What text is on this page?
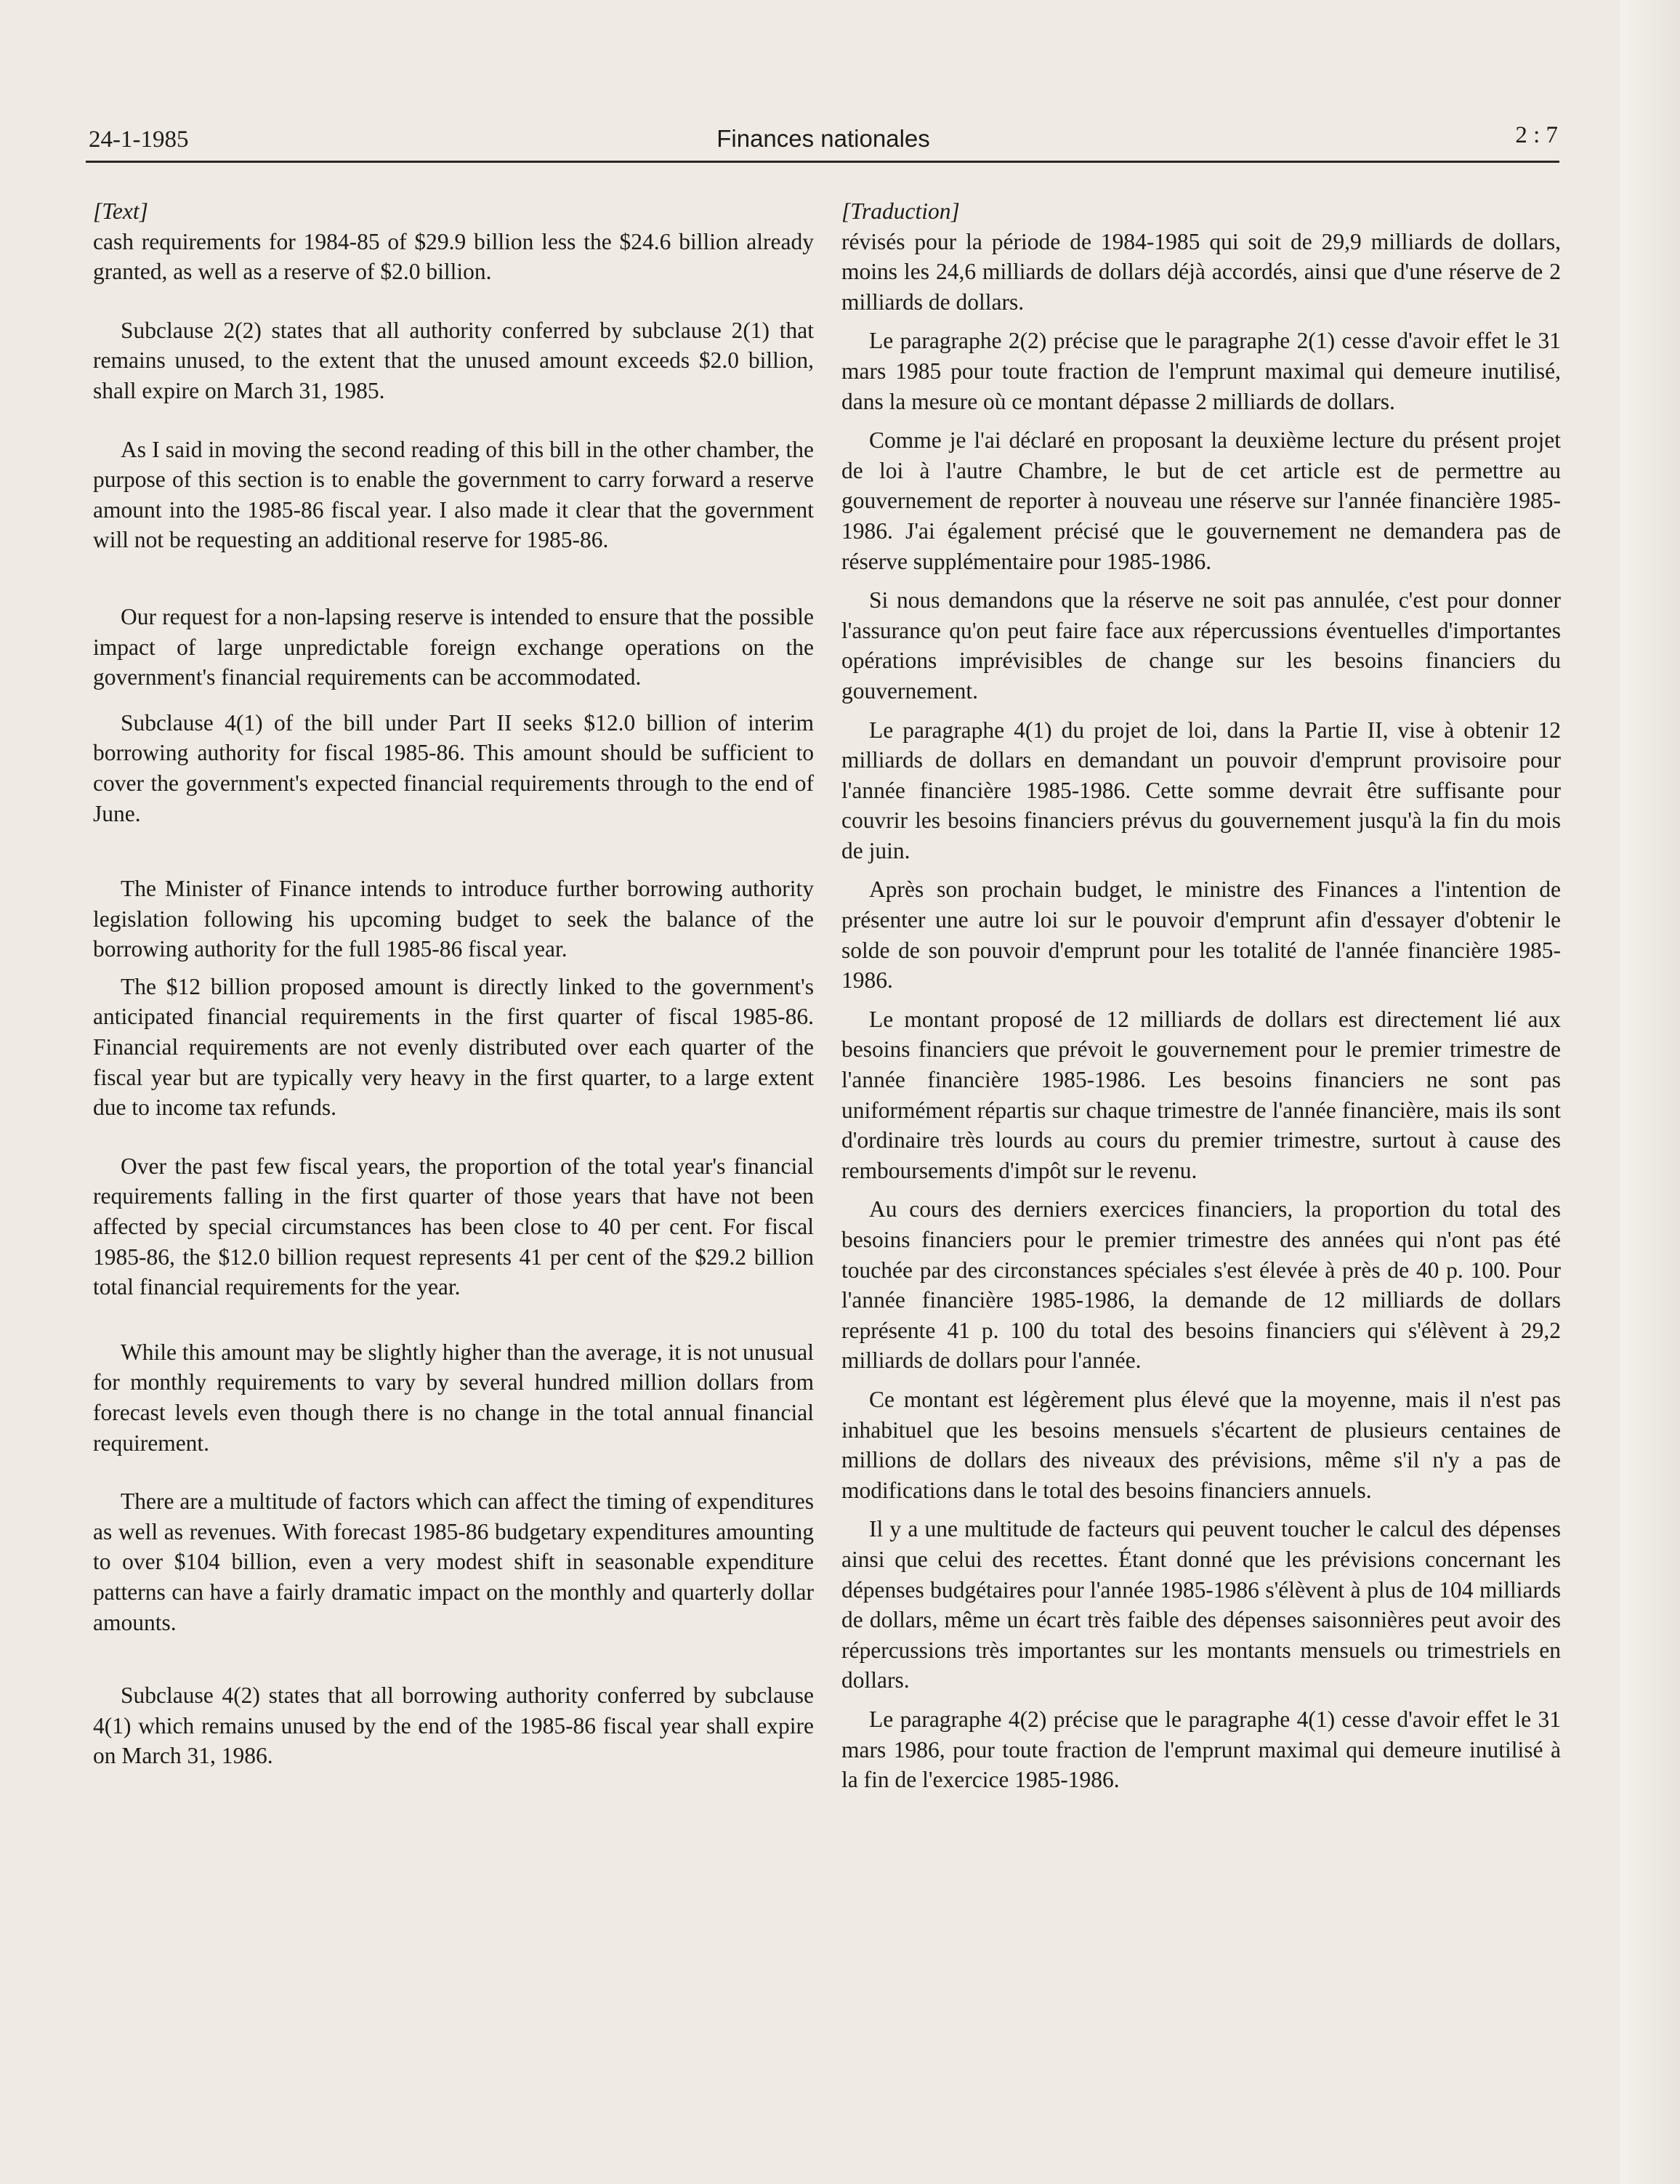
24-1-1985	Finances nationales	2 : 7

[Text]

cash requirements for 1984-85 of $29.9 billion less the $24.6 billion already granted, as well as a reserve of $2.0 billion.

Subclause 2(2) states that all authority conferred by subclause 2(1) that remains unused, to the extent that the unused amount exceeds $2.0 billion, shall expire on March 31, 1985.

As I said in moving the second reading of this bill in the other chamber, the purpose of this section is to enable the government to carry forward a reserve amount into the 1985-86 fiscal year. I also made it clear that the government will not be requesting an additional reserve for 1985-86.

Our request for a non-lapsing reserve is intended to ensure that the possible impact of large unpredictable foreign exchange operations on the government's financial requirements can be accommodated.

Subclause 4(1) of the bill under Part II seeks $12.0 billion of interim borrowing authority for fiscal 1985-86. This amount should be sufficient to cover the government's expected financial requirements through to the end of June.

The Minister of Finance intends to introduce further borrowing authority legislation following his upcoming budget to seek the balance of the borrowing authority for the full 1985-86 fiscal year.

The $12 billion proposed amount is directly linked to the government's anticipated financial requirements in the first quarter of fiscal 1985-86. Financial requirements are not evenly distributed over each quarter of the fiscal year but are typically very heavy in the first quarter, to a large extent due to income tax refunds.

Over the past few fiscal years, the proportion of the total year's financial requirements falling in the first quarter of those years that have not been affected by special circumstances has been close to 40 per cent. For fiscal 1985-86, the $12.0 billion request represents 41 per cent of the $29.2 billion total financial requirements for the year.

While this amount may be slightly higher than the average, it is not unusual for monthly requirements to vary by several hundred million dollars from forecast levels even though there is no change in the total annual financial requirement.

There are a multitude of factors which can affect the timing of expenditures as well as revenues. With forecast 1985-86 budgetary expenditures amounting to over $104 billion, even a very modest shift in seasonable expenditure patterns can have a fairly dramatic impact on the monthly and quarterly dollar amounts.

Subclause 4(2) states that all borrowing authority conferred by subclause 4(1) which remains unused by the end of the 1985-86 fiscal year shall expire on March 31, 1986.

[Traduction]

révisés pour la période de 1984-1985 qui soit de 29,9 milliards de dollars, moins les 24,6 milliards de dollars déjà accordés, ainsi que d'une réserve de 2 milliards de dollars.

Le paragraphe 2(2) précise que le paragraphe 2(1) cesse d'avoir effet le 31 mars 1985 pour toute fraction de l'emprunt maximal qui demeure inutilisé, dans la mesure où ce montant dépasse 2 milliards de dollars.

Comme je l'ai déclaré en proposant la deuxième lecture du présent projet de loi à l'autre Chambre, le but de cet article est de permettre au gouvernement de reporter à nouveau une réserve sur l'année financière 1985-1986. J'ai également précisé que le gouvernement ne demandera pas de réserve supplémentaire pour 1985-1986.

Si nous demandons que la réserve ne soit pas annulée, c'est pour donner l'assurance qu'on peut faire face aux répercussions éventuelles d'importantes opérations imprévisibles de change sur les besoins financiers du gouvernement.

Le paragraphe 4(1) du projet de loi, dans la Partie II, vise à obtenir 12 milliards de dollars en demandant un pouvoir d'emprunt provisoire pour l'année financière 1985-1986. Cette somme devrait être suffisante pour couvrir les besoins financiers prévus du gouvernement jusqu'à la fin du mois de juin.

Après son prochain budget, le ministre des Finances a l'intention de présenter une autre loi sur le pouvoir d'emprunt afin d'essayer d'obtenir le solde de son pouvoir d'emprunt pour les totalité de l'année financière 1985-1986.

Le montant proposé de 12 milliards de dollars est directement lié aux besoins financiers que prévoit le gouvernement pour le premier trimestre de l'année financière 1985-1986. Les besoins financiers ne sont pas uniformément répartis sur chaque trimestre de l'année financière, mais ils sont d'ordinaire très lourds au cours du premier trimestre, surtout à cause des remboursements d'impôt sur le revenu.

Au cours des derniers exercices financiers, la proportion du total des besoins financiers pour le premier trimestre des années qui n'ont pas été touchée par des circonstances spéciales s'est élevée à près de 40 p. 100. Pour l'année financière 1985-1986, la demande de 12 milliards de dollars représente 41 p. 100 du total des besoins financiers qui s'élèvent à 29,2 milliards de dollars pour l'année.

Ce montant est légèrement plus élevé que la moyenne, mais il n'est pas inhabituel que les besoins mensuels s'écartent de plusieurs centaines de millions de dollars des niveaux des prévisions, même s'il n'y a pas de modifications dans le total des besoins financiers annuels.

Il y a une multitude de facteurs qui peuvent toucher le calcul des dépenses ainsi que celui des recettes. Étant donné que les prévisions concernant les dépenses budgétaires pour l'année 1985-1986 s'élèvent à plus de 104 milliards de dollars, même un écart très faible des dépenses saisonnières peut avoir des répercussions très importantes sur les montants mensuels ou trimestriels en dollars.

Le paragraphe 4(2) précise que le paragraphe 4(1) cesse d'avoir effet le 31 mars 1986, pour toute fraction de l'emprunt maximal qui demeure inutilisé à la fin de l'exercice 1985-1986.
